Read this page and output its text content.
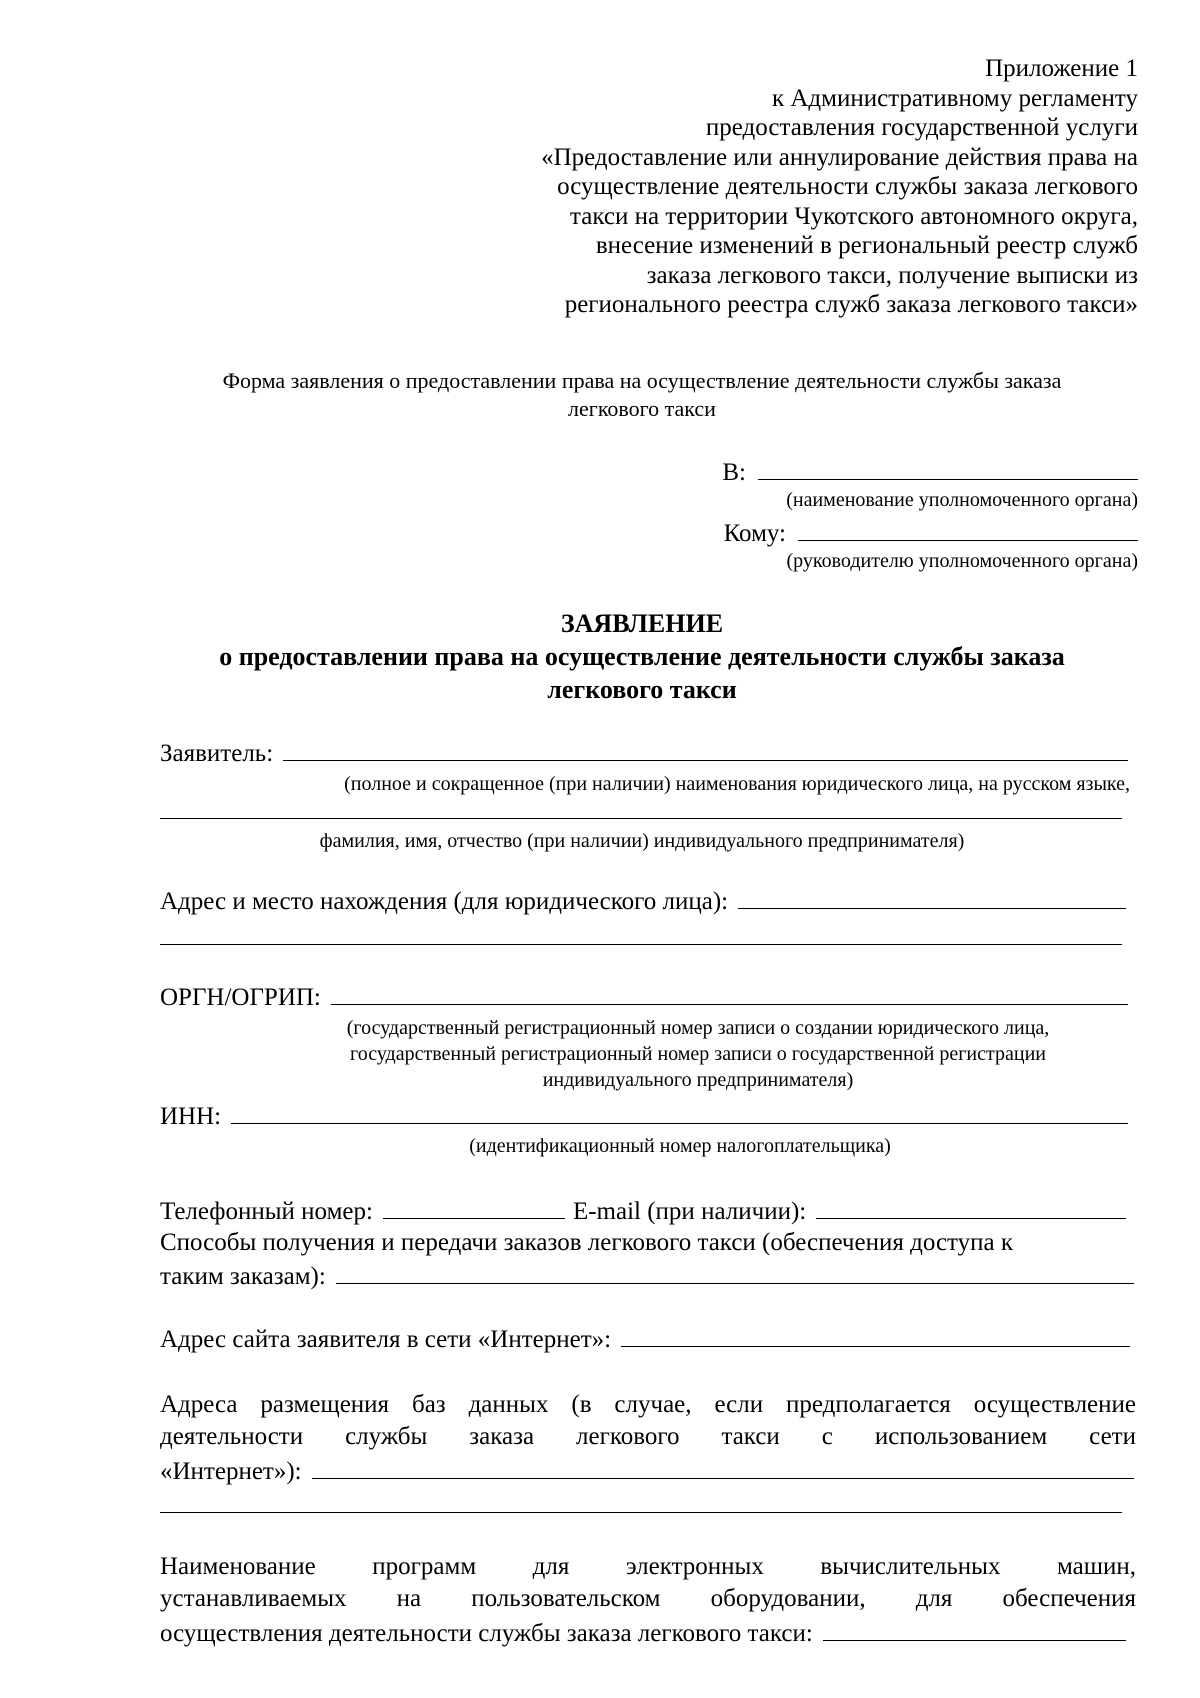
Приложение 1
к Административному регламенту
предоставления государственной услуги
«Предоставление или аннулирование действия права на
осуществление деятельности службы заказа легкового
такси на территории Чукотского автономного округа,
внесение изменений в региональный реестр служб
заказа легкового такси, получение выписки из
регионального реестра служб заказа легкового такси»
Форма заявления о предоставлении права на осуществление деятельности службы заказа
легкового такси
В:
(наименование уполномоченного органа)
Кому:
(руководителю уполномоченного органа)
ЗАЯВЛЕНИЕ
о предоставлении права на осуществление деятельности службы заказа
легкового такси
Заявитель:
(полное и сокращенное (при наличии) наименования юридического лица, на русском языке,
фамилия, имя, отчество (при наличии) индивидуального предпринимателя)
Адрес и место нахождения (для юридического лица):
ОРГН/ОГРИП:
(государственный регистрационный номер записи о создании юридического лица,
государственный регистрационный номер записи о государственной регистрации
индивидуального предпринимателя)
ИНН:
(идентификационный номер налогоплательщика)
Телефонный номер:	E-mail (при наличии):
Способы получения и передачи заказов легкового такси (обеспечения доступа к
таким заказам):
Адрес сайта заявителя в сети «Интернет»:
Адреса размещения баз данных (в случае, если предполагается осуществление
деятельности службы заказа легкового такси с использованием сети
«Интернет»):
Наименование программ для электронных вычислительных машин,
устанавливаемых на пользовательском оборудовании, для обеспечения
осуществления деятельности службы заказа легкового такси:
